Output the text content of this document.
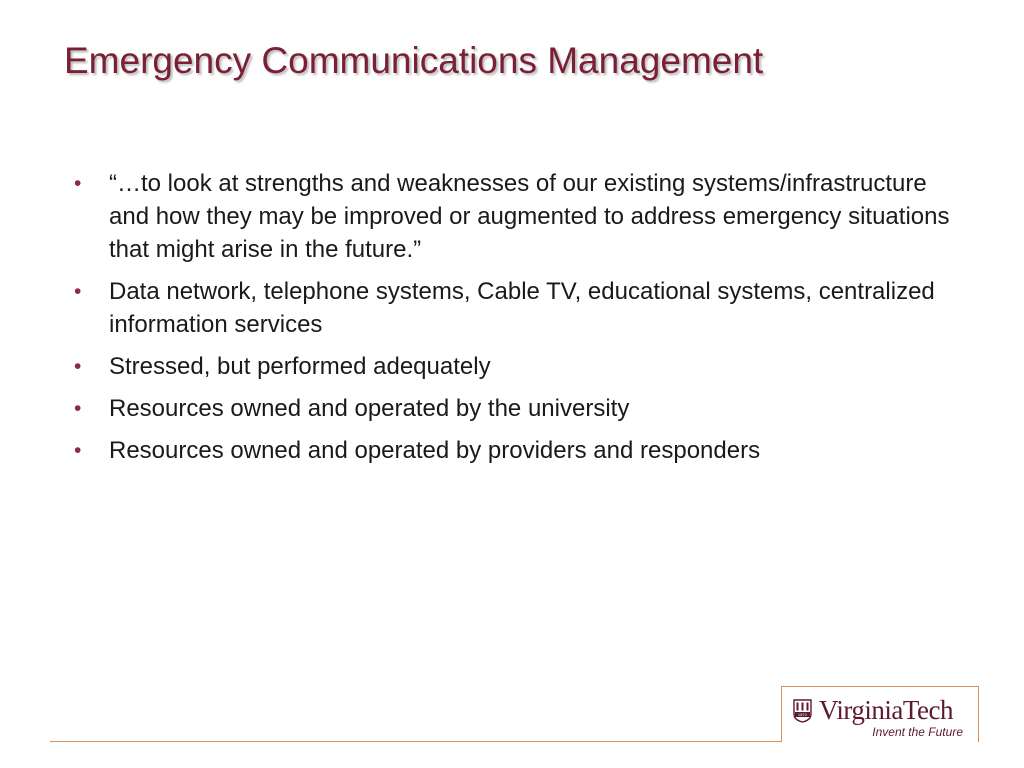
Emergency Communications Management
• “…to look at strengths and weaknesses of our existing systems/infrastructure and how they may be improved or augmented to address emergency situations that might arise in the future.”
• Data network, telephone systems, Cable TV, educational systems, centralized information services
• Stressed, but performed adequately
• Resources owned and operated by the university
• Resources owned and operated by providers and responders
1872 VirginiaTech
Invent the Future
